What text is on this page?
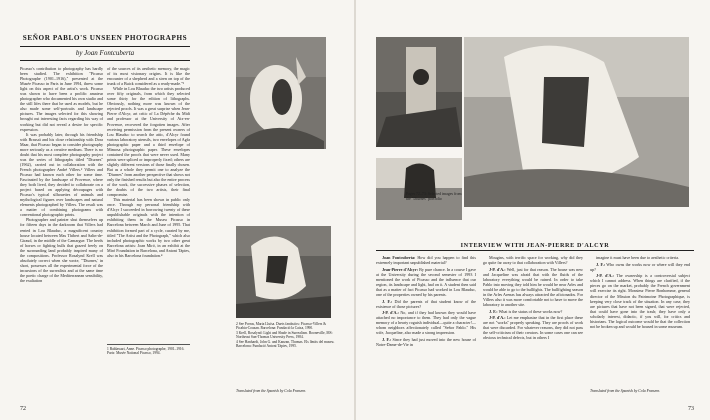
SEÑOR PABLO'S UNSEEN PHOTOGRAPHS
by Joan Fontcuberta

Picasso's contribution to photography has hardly been studied. The exhibition "Picasso Photographe (1901–1916)," presented at the Musée Picasso in Paris in June 1994, threw some light on this aspect of the artist's work. Picasso was shown to have been a prolific amateur photographer who documented his own studio and the still lifes there that he used as models, but he also made some self-portraits and landscape pictures. The images selected for this showing brought out interesting facts regarding his way of working but did not reveal a desire for specific expression.

It was probably later, through his friendship with Brassaï and his close relationship with Dora Maar, that Picasso began to consider photography more seriously as a creative medium. There is no doubt that his most complete photography project was the series of lithographs titled "Diurnes" (1962), carried out in collaboration with the French photographer André Villers.² Villers and Picasso had known each other for some time. Fascinated by the landscape of Provence, where they both lived, they decided to collaborate on a project based on applying découpages with Picasso's typical silhouettes of animals and mythological figures over landscapes and natural elements photographed by Villers. The result was a matter of combining photograms with conventional photographic prints.

Photographer and painter shut themselves up for fifteen days in the darkroom that Villers had rented in Lou Blauduc, a magnificent country house located between Mas Thibert and Salin-de-Giraud, in the middle of the Camargue. The herds of horses or fighting bulls that grazed freely on the surrounding land probably inspired many of the compositions. Professor Rosalynd Krell was absolutely correct when she wrote, "'Diurnes,' in short, possesses all the experimental force of the incursions of the surrealists and at the same time the poetic charge of the Mediterranean sensibility, the exaltation

of the sources of its aesthetic memory, the magic of its most visionary origins. It is like the encounter of a shepherd and a siren on top of the trunk of a Buick considered as a ready-made."³

While in Lou Blauduc the two artists produced over fifty originals, from which they selected some thirty for the edition of lithographs. Obviously, nothing more was known of the rejected proofs. It was a great surprise when Jean-Pierre d'Alcyr, art critic of La Dépêche du Midi and professor at the University of Aix-en-Provence, recovered the forgotten images. After receiving permission from the present owners of Lou Blauduc to search the attic, d'Alcyr found various laboratory utensils, two envelopes of Agfa photographic paper and a third envelope of Mimosa photographic paper. These envelopes contained the proofs that were never used. Many prints were spliced or improperly fixed; others are slightly different versions of those finally chosen. But as a whole they permit one to analyze the "Diurnes" from another perspective that shows not only the finished results but also the entire process of the work, the successive phases of selection, the doubts of the two artists, their final compromise.

This material has been shown in public only once. Through my personal friendship with d'Alcyr I succeeded in borrowing twenty of these unpublishable originals with the intention of exhibiting them in the Museu Picasso in Barcelona between March and June of 1995. That exhibition formed part of a cycle, curated by me, titled "The Artist and the Photograph," which also included photographic works by two other great Barcelona artists: Joan Miró, in an exhibit at the Miró Foundation in Barcelona, and Antoni Tàpies, also in his Barcelona foundation.⁴

1 Baldassari, Anne. Picasso photographe, 1901–1916. Paris: Musée National Picasso, 1994.
2 See Porras, Maria Lluïsa. Duets fantàstics: Picasso-Villers & Picabia-Couzan. Barcelona: Fundació la Caixa, 1990.
3 Krell, Rosalynd: Light and Shade in Surrealism. Booneville, MS: Northeast Sun-Thomas University Press, 1984.
4 See Hanhardt, John G. and Kanzan, Thomas. Els límits del museu. Barcelona: Fundació Antoni Tàpies, 1995.
Translated from the Spanish by Cola Franzen.
72
Pages 72–73: Selected images from the "Diurnes" portfolio
INTERVIEW WITH JEAN-PIERRE D'ALCYR

Joan Fontcuberta: How did you happen to find this extremely important unpublished material?

Jean-Pierre d'Alcyr: By pure chance. In a course I gave at the University during the second semester of 1993 I mentioned the work of Picasso and the influence that our region, its landscape and light, had on it. A student then said that as a matter of fact Picasso had worked in Lou Blauduc, one of the properties owned by his parents.

J. F.: Did the parents of that student know of the existence of those pictures?

J-P. d'A.: No, and if they had known they would have attached no importance to them. They had only the vague memory of a hearty roguish individual—quite a character!—whom neighbors affectionately called "Señor Pablo." His wife, Jacqueline, also made a strong impression.

J. F.: Since they had just moved into the new house of Notre-Dame-de-Vie in

Mougins, with terrific space for working, why did they go quite far away to that collaboration with Villers?

J-P. d'A.: Well, just for that reason. The house was new and Jacqueline was afraid that with the fluids of the laboratory everything would be ruined. In order to take Pablo into moving they told him he would be near Arles and would be able to go to the bullfights. The bullfighting season in the Arles Arenas has always attracted the aficionados. For Villers also it was more comfortable not to have to move the laboratory to another site.

J. F.: What is the status of these works now?

J-P. d'A.: Let me emphasize that in the first place these are not "works" properly speaking. They are proofs of work that were discarded. For whatever reasons, they did not pass the self-criticism of their creators. In some cases one can see obvious technical defects, but in others I

imagine it must have been due to aesthetic criteria.

J. F.: Who owns the works now or where will they end up?

J-P. d'A.: The ownership is a controversial subject which I cannot address. When things are clarified, if the pieces go on the market, probably the French government will exercise its right. Monsieur Pierre Bonhomme, general director of the Mission du Patrimoine Photographique, is keeping very close track of the situation. In any case, they are pictures that have not been signed, that were rejected, that could have gone into the trash; they have only a scholarly interest, didactic, if you will, for critics and historians. The logical outcome would be that the collection not be broken up and would be housed in some museum.

Translated from the Spanish by Cola Franzen.
73
